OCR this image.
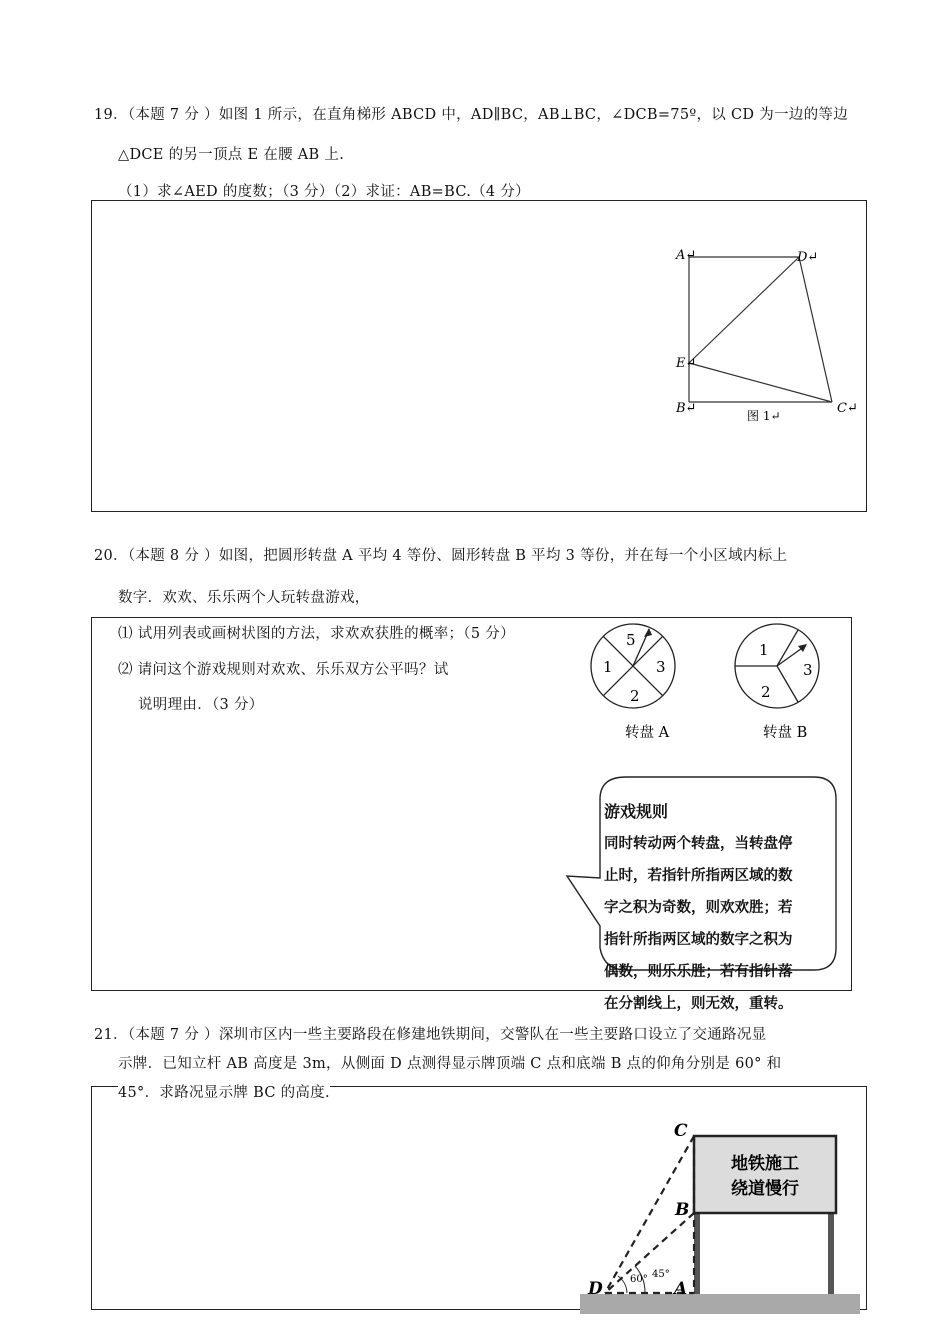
19．（本题 7 分 ）如图 1 所示，在直角梯形 ABCD 中，AD∥BC，AB⊥BC，∠DCB=75º，以 CD 为一边的等边
△DCE 的另一顶点 E 在腰 AB 上.
（1）求∠AED 的度数；（3 分）（2）求证：AB=BC.（4 分）
A↵	D↵
E↵
B↵	C↵
图 1↵
20．（本题 8 分 ）如图，把圆形转盘 A 平均 4 等份、圆形转盘 B 平均 3 等份，并在每一个小区域内标上
数字．欢欢、乐乐两个人玩转盘游戏，
⑴ 试用列表或画树状图的方法，求欢欢获胜的概率；（5 分）
⑵ 请问这个游戏规则对欢欢、乐乐双方公平吗？试
说明理由．（3 分）
5
1	3
2
转盘 A
1
3
2
转盘 B
游戏规则
同时转动两个转盘，当转盘停
止时，若指针所指两区域的数
字之积为奇数，则欢欢胜；若
指针所指两区域的数字之积为
偶数，则乐乐胜；若有指针落
在分割线上，则无效，重转。
21．（本题 7 分 ）深圳市区内一些主要路段在修建地铁期间，交警队在一些主要路口设立了交通路况显
示牌．已知立杆 AB 高度是 3m，从侧面 D 点测得显示牌顶端 C 点和底端 B 点的仰角分别是 60° 和
45°．求路况显示牌 BC 的高度.
地铁施工
绕道慢行
C
B
D	A
60° 45°
